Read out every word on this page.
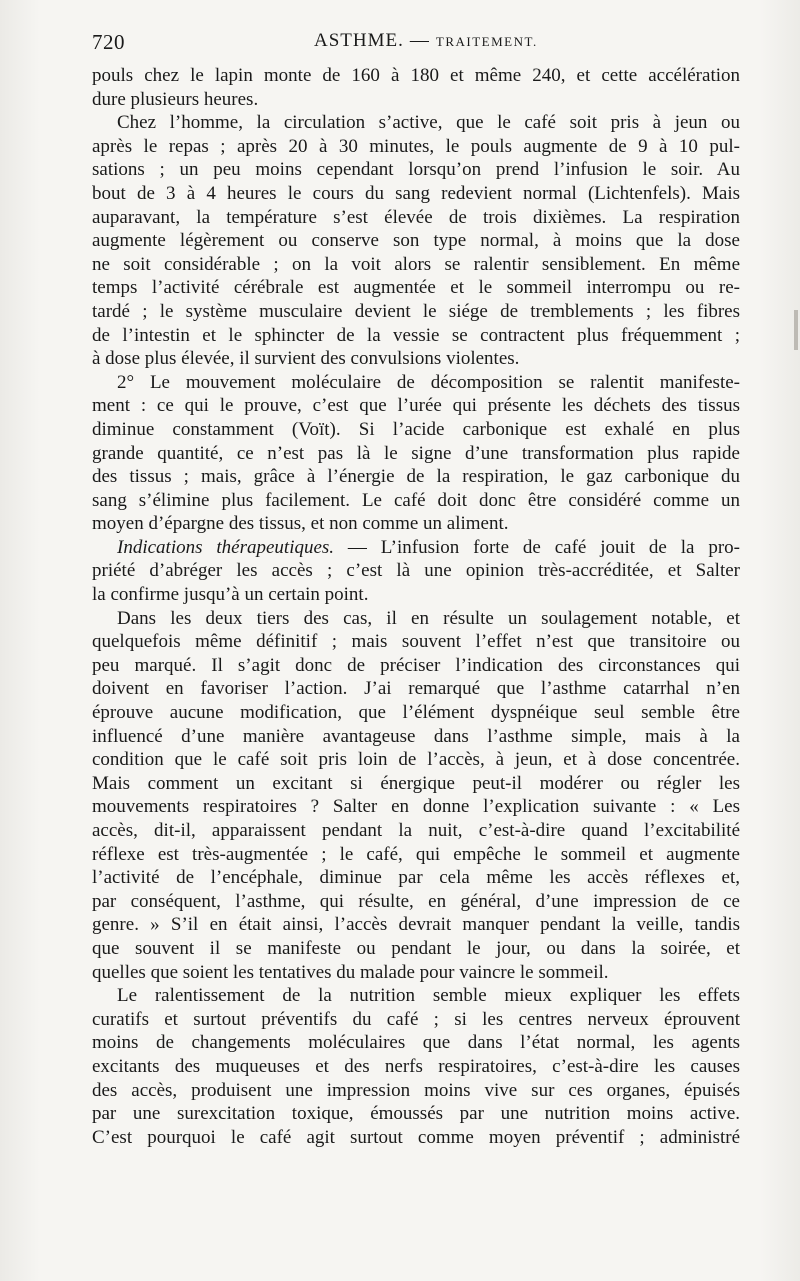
720	ASTHME. — TRAITEMENT.
pouls chez le lapin monte de 160 à 180 et même 240, et cette accélération
dure plusieurs heures.
Chez l’homme, la circulation s’active, que le café soit pris à jeun ou
après le repas ; après 20 à 30 minutes, le pouls augmente de 9 à 10 pul-
sations ; un peu moins cependant lorsqu’on prend l’infusion le soir. Au
bout de 3 à 4 heures le cours du sang redevient normal (Lichtenfels). Mais
auparavant, la température s’est élevée de trois dixièmes. La respiration
augmente légèrement ou conserve son type normal, à moins que la dose
ne soit considérable ; on la voit alors se ralentir sensiblement. En même
temps l’activité cérébrale est augmentée et le sommeil interrompu ou re-
tardé ; le système musculaire devient le siége de tremblements ; les fibres
de l’intestin et le sphincter de la vessie se contractent plus fréquemment ;
à dose plus élevée, il survient des convulsions violentes.
2° Le mouvement moléculaire de décomposition se ralentit manifeste-
ment : ce qui le prouve, c’est que l’urée qui présente les déchets des tissus
diminue constamment (Voït). Si l’acide carbonique est exhalé en plus
grande quantité, ce n’est pas là le signe d’une transformation plus rapide
des tissus ; mais, grâce à l’énergie de la respiration, le gaz carbonique du
sang s’élimine plus facilement. Le café doit donc être considéré comme un
moyen d’épargne des tissus, et non comme un aliment.
Indications thérapeutiques. — L’infusion forte de café jouit de la pro-
priété d’abréger les accès ; c’est là une opinion très-accréditée, et Salter
la confirme jusqu’à un certain point.
Dans les deux tiers des cas, il en résulte un soulagement notable, et
quelquefois même définitif ; mais souvent l’effet n’est que transitoire ou
peu marqué. Il s’agit donc de préciser l’indication des circonstances qui
doivent en favoriser l’action. J’ai remarqué que l’asthme catarrhal n’en
éprouve aucune modification, que l’élément dyspnéique seul semble être
influencé d’une manière avantageuse dans l’asthme simple, mais à la
condition que le café soit pris loin de l’accès, à jeun, et à dose concentrée.
Mais comment un excitant si énergique peut-il modérer ou régler les
mouvements respiratoires ? Salter en donne l’explication suivante : « Les
accès, dit-il, apparaissent pendant la nuit, c’est-à-dire quand l’excitabilité
réflexe est très-augmentée ; le café, qui empêche le sommeil et augmente
l’activité de l’encéphale, diminue par cela même les accès réflexes et,
par conséquent, l’asthme, qui résulte, en général, d’une impression de ce
genre. » S’il en était ainsi, l’accès devrait manquer pendant la veille, tandis
que souvent il se manifeste ou pendant le jour, ou dans la soirée, et
quelles que soient les tentatives du malade pour vaincre le sommeil.
Le ralentissement de la nutrition semble mieux expliquer les effets
curatifs et surtout préventifs du café ; si les centres nerveux éprouvent
moins de changements moléculaires que dans l’état normal, les agents
excitants des muqueuses et des nerfs respiratoires, c’est-à-dire les causes
des accès, produisent une impression moins vive sur ces organes, épuisés
par une surexcitation toxique, émoussés par une nutrition moins active.
C’est pourquoi le café agit surtout comme moyen préventif ; administré
